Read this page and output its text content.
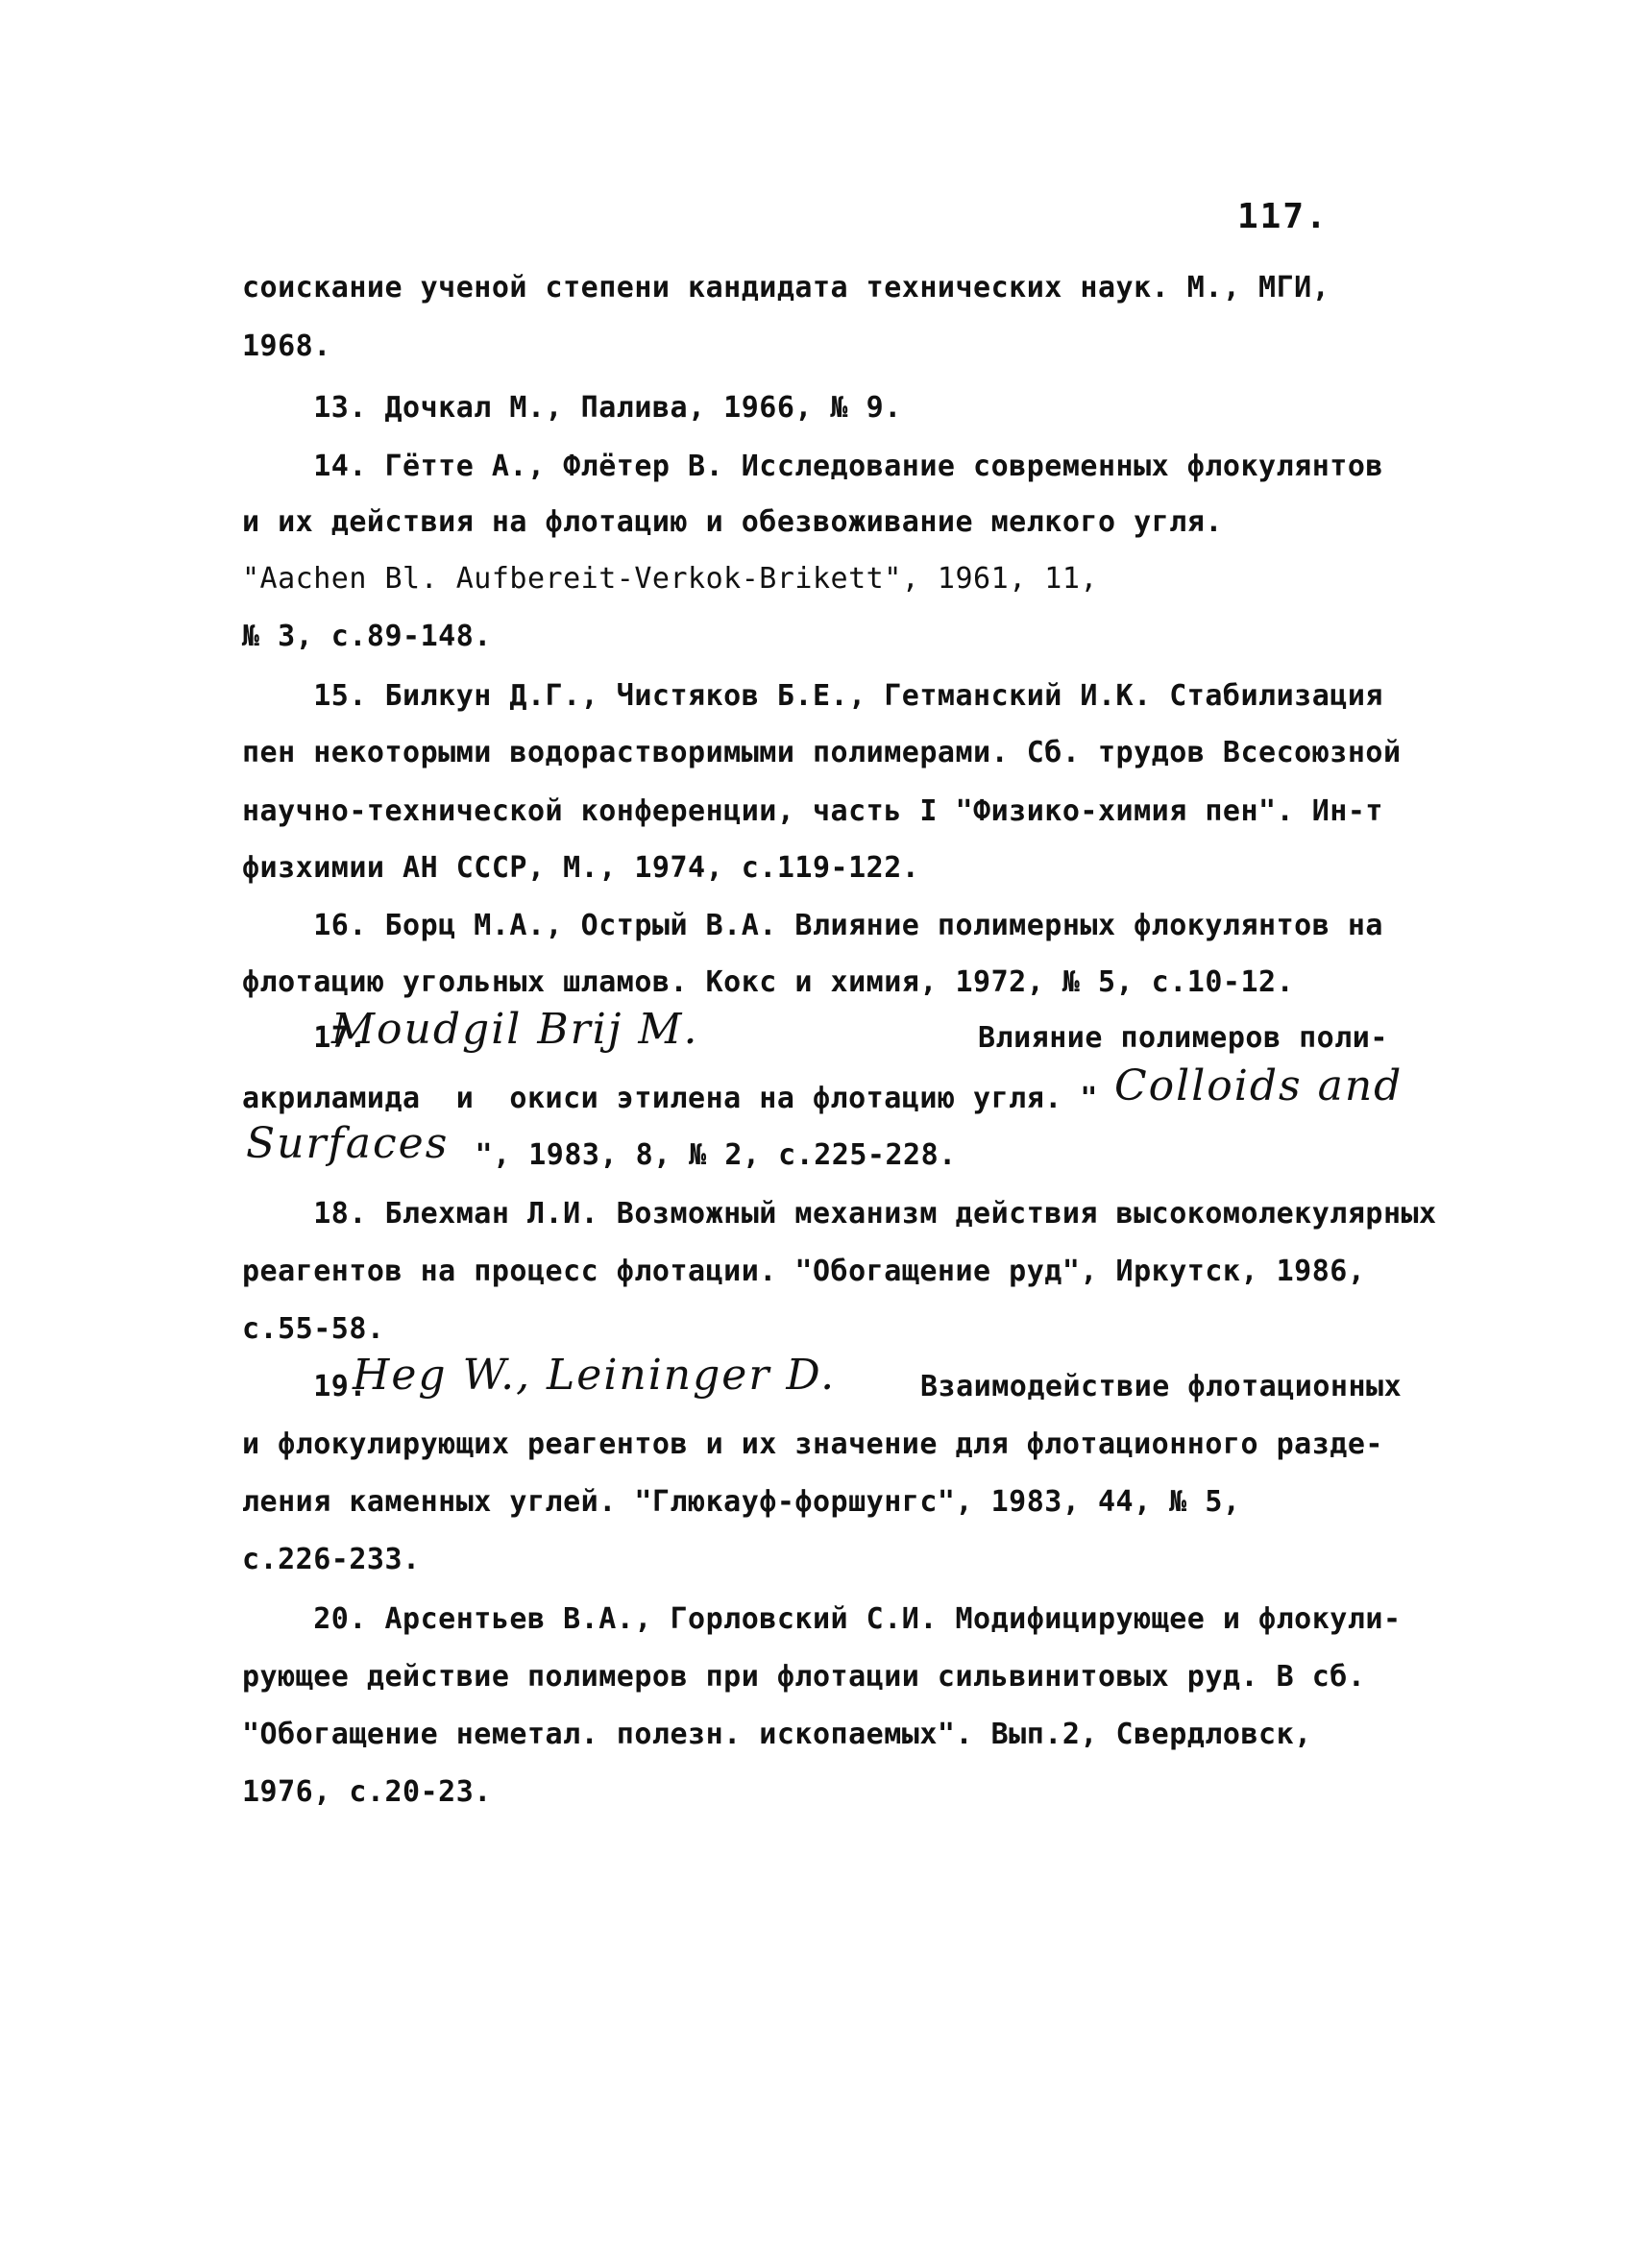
117.
соискание ученой степени кандидата технических наук. М., МГИ,
1968.
13. Дочкал М., Палива, 1966, № 9.
14. Гётте А., Флётер В. Исследование современных флокулянтов
и их действия на флотацию и обезвоживание мелкого угля.
"Aachen Bl. Aufbereit-Verkok-Brikett", 1961, 11,
№ 3, с.89-148.
15. Билкун Д.Г., Чистяков Б.Е., Гетманский И.К. Стабилизация
пен некоторыми водорастворимыми полимерами. Сб. трудов Всесоюзной
научно-технической конференции, часть I "Физико-химия пен". Ин-т
физхимии АН СССР, М., 1974, с.119-122.
16. Борц М.А., Острый В.А. Влияние полимерных флокулянтов на
флотацию угольных шламов. Кокс и химия, 1972, № 5, с.10-12.
17.
Moudgil Brij M.	Влияние полимеров поли-
акриламида  и  окиси этилена на флотацию угля. " Colloids and
Surfaces ", 1983, 8, № 2, с.225-228.
18. Блехман Л.И. Возможный механизм действия высокомолекулярных
реагентов на процесс флотации. "Обогащение руд", Иркутск, 1986,
с.55-58.
19.
Heg W., Leininger D.	Взаимодействие флотационных
и флокулирующих реагентов и их значение для флотационного разде-
ления каменных углей. "Глюкауф-форшунгс", 1983, 44, № 5,
с.226-233.
20. Арсентьев В.А., Горловский С.И. Модифицирующее и флокули-
рующее действие полимеров при флотации сильвинитовых руд. В сб.
"Обогащение неметал. полезн. ископаемых". Вып.2, Свердловск,
1976, с.20-23.
